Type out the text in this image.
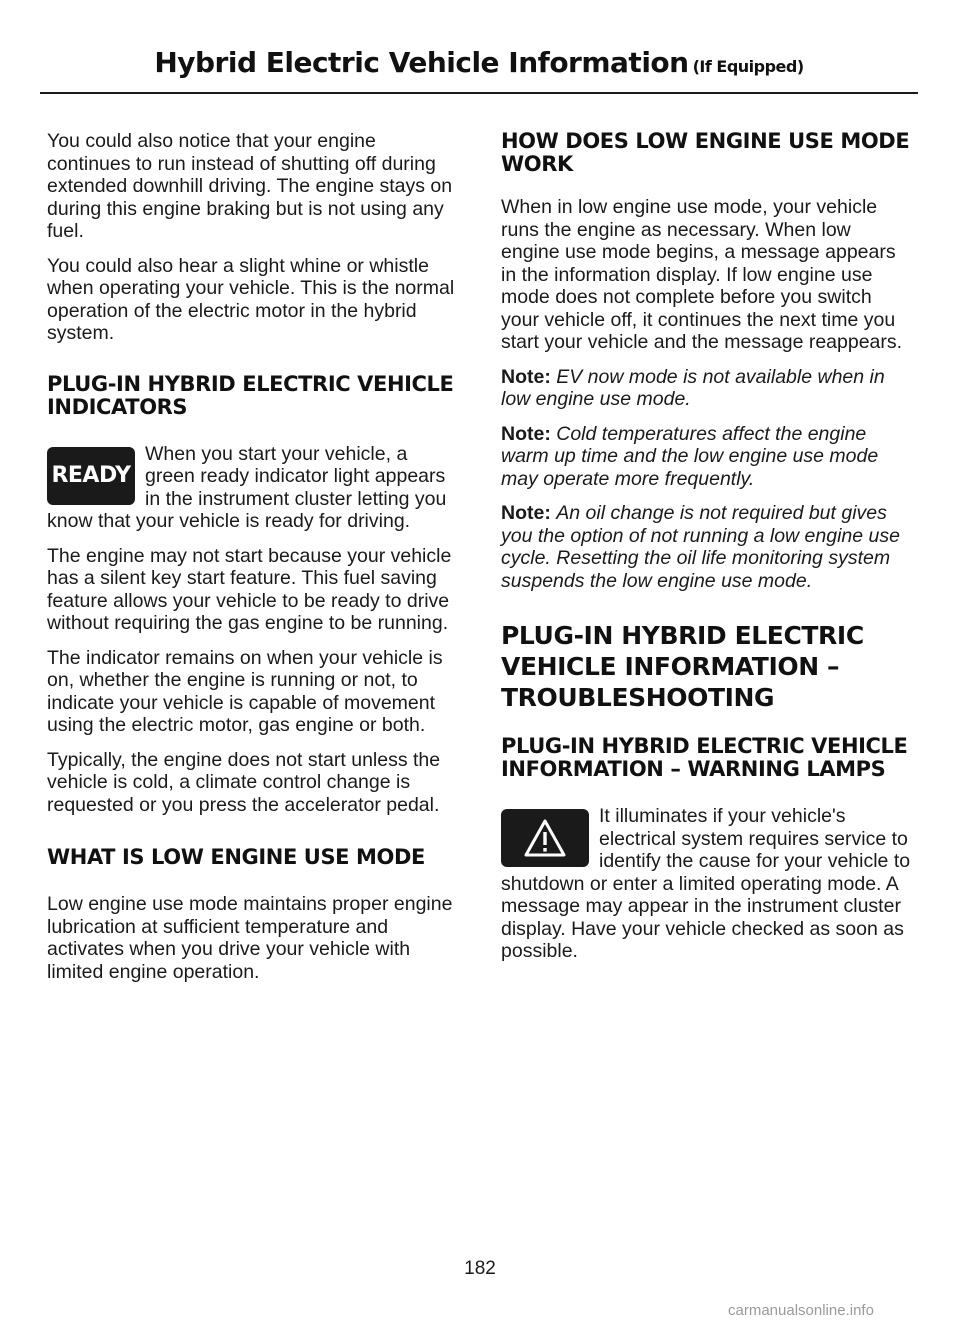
Hybrid Electric Vehicle Information (If Equipped)

You could also notice that your engine continues to run instead of shutting off during extended downhill driving. The engine stays on during this engine braking but is not using any fuel.

You could also hear a slight whine or whistle when operating your vehicle. This is the normal operation of the electric motor in the hybrid system.

PLUG-IN HYBRID ELECTRIC VEHICLE INDICATORS
READY

When you start your vehicle, a green ready indicator light appears in the instrument cluster letting you know that your vehicle is ready for driving.

The engine may not start because your vehicle has a silent key start feature. This fuel saving feature allows your vehicle to be ready to drive without requiring the gas engine to be running.

The indicator remains on when your vehicle is on, whether the engine is running or not, to indicate your vehicle is capable of movement using the electric motor, gas engine or both.

Typically, the engine does not start unless the vehicle is cold, a climate control change is requested or you press the accelerator pedal.

WHAT IS LOW ENGINE USE MODE

Low engine use mode maintains proper engine lubrication at sufficient temperature and activates when you drive your vehicle with limited engine operation.

HOW DOES LOW ENGINE USE MODE WORK

When in low engine use mode, your vehicle runs the engine as necessary. When low engine use mode begins, a message appears in the information display. If low engine use mode does not complete before you switch your vehicle off, it continues the next time you start your vehicle and the message reappears.

Note: EV now mode is not available when in low engine use mode.

Note: Cold temperatures affect the engine warm up time and the low engine use mode may operate more frequently.

Note: An oil change is not required but gives you the option of not running a low engine use cycle. Resetting the oil life monitoring system suspends the low engine use mode.

PLUG-IN HYBRID ELECTRIC VEHICLE INFORMATION – TROUBLESHOOTING
PLUG-IN HYBRID ELECTRIC VEHICLE INFORMATION – WARNING LAMPS

It illuminates if your vehicle's electrical system requires service to identify the cause for your vehicle to shutdown or enter a limited operating mode. A message may appear in the instrument cluster display. Have your vehicle checked as soon as possible.

182
carmanualsonline.info
